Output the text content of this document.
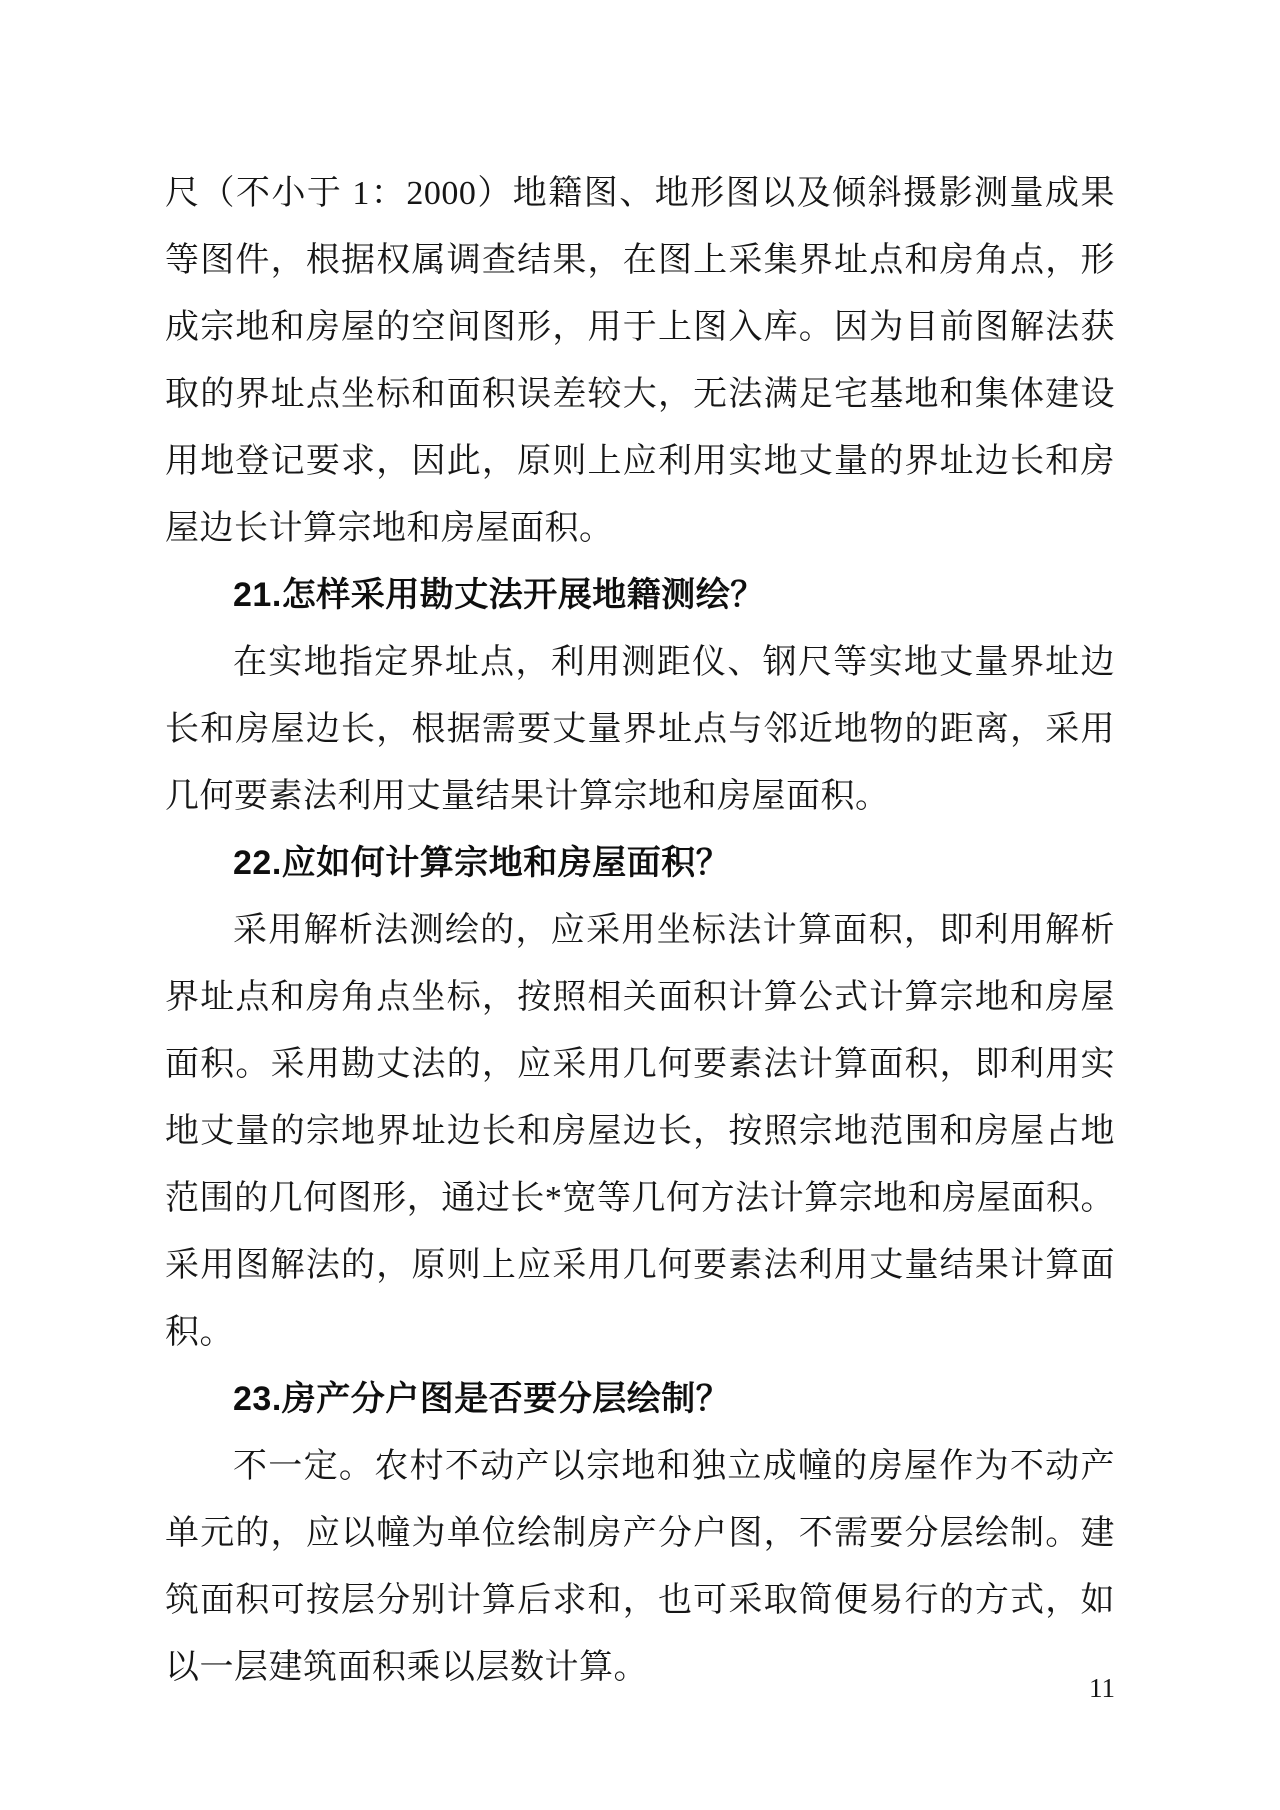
尺（不小于 1：2000）地籍图、地形图以及倾斜摄影测量成果等图件，根据权属调查结果，在图上采集界址点和房角点，形成宗地和房屋的空间图形，用于上图入库。因为目前图解法获取的界址点坐标和面积误差较大，无法满足宅基地和集体建设用地登记要求，因此，原则上应利用实地丈量的界址边长和房屋边长计算宗地和房屋面积。

21.怎样采用勘丈法开展地籍测绘？

在实地指定界址点，利用测距仪、钢尺等实地丈量界址边长和房屋边长，根据需要丈量界址点与邻近地物的距离，采用几何要素法利用丈量结果计算宗地和房屋面积。

22.应如何计算宗地和房屋面积？

采用解析法测绘的，应采用坐标法计算面积，即利用解析界址点和房角点坐标，按照相关面积计算公式计算宗地和房屋面积。采用勘丈法的，应采用几何要素法计算面积，即利用实地丈量的宗地界址边长和房屋边长，按照宗地范围和房屋占地范围的几何图形，通过长*宽等几何方法计算宗地和房屋面积。采用图解法的，原则上应采用几何要素法利用丈量结果计算面积。

23.房产分户图是否要分层绘制？

不一定。农村不动产以宗地和独立成幢的房屋作为不动产单元的，应以幢为单位绘制房产分户图，不需要分层绘制。建筑面积可按层分别计算后求和，也可采取简便易行的方式，如以一层建筑面积乘以层数计算。

11
